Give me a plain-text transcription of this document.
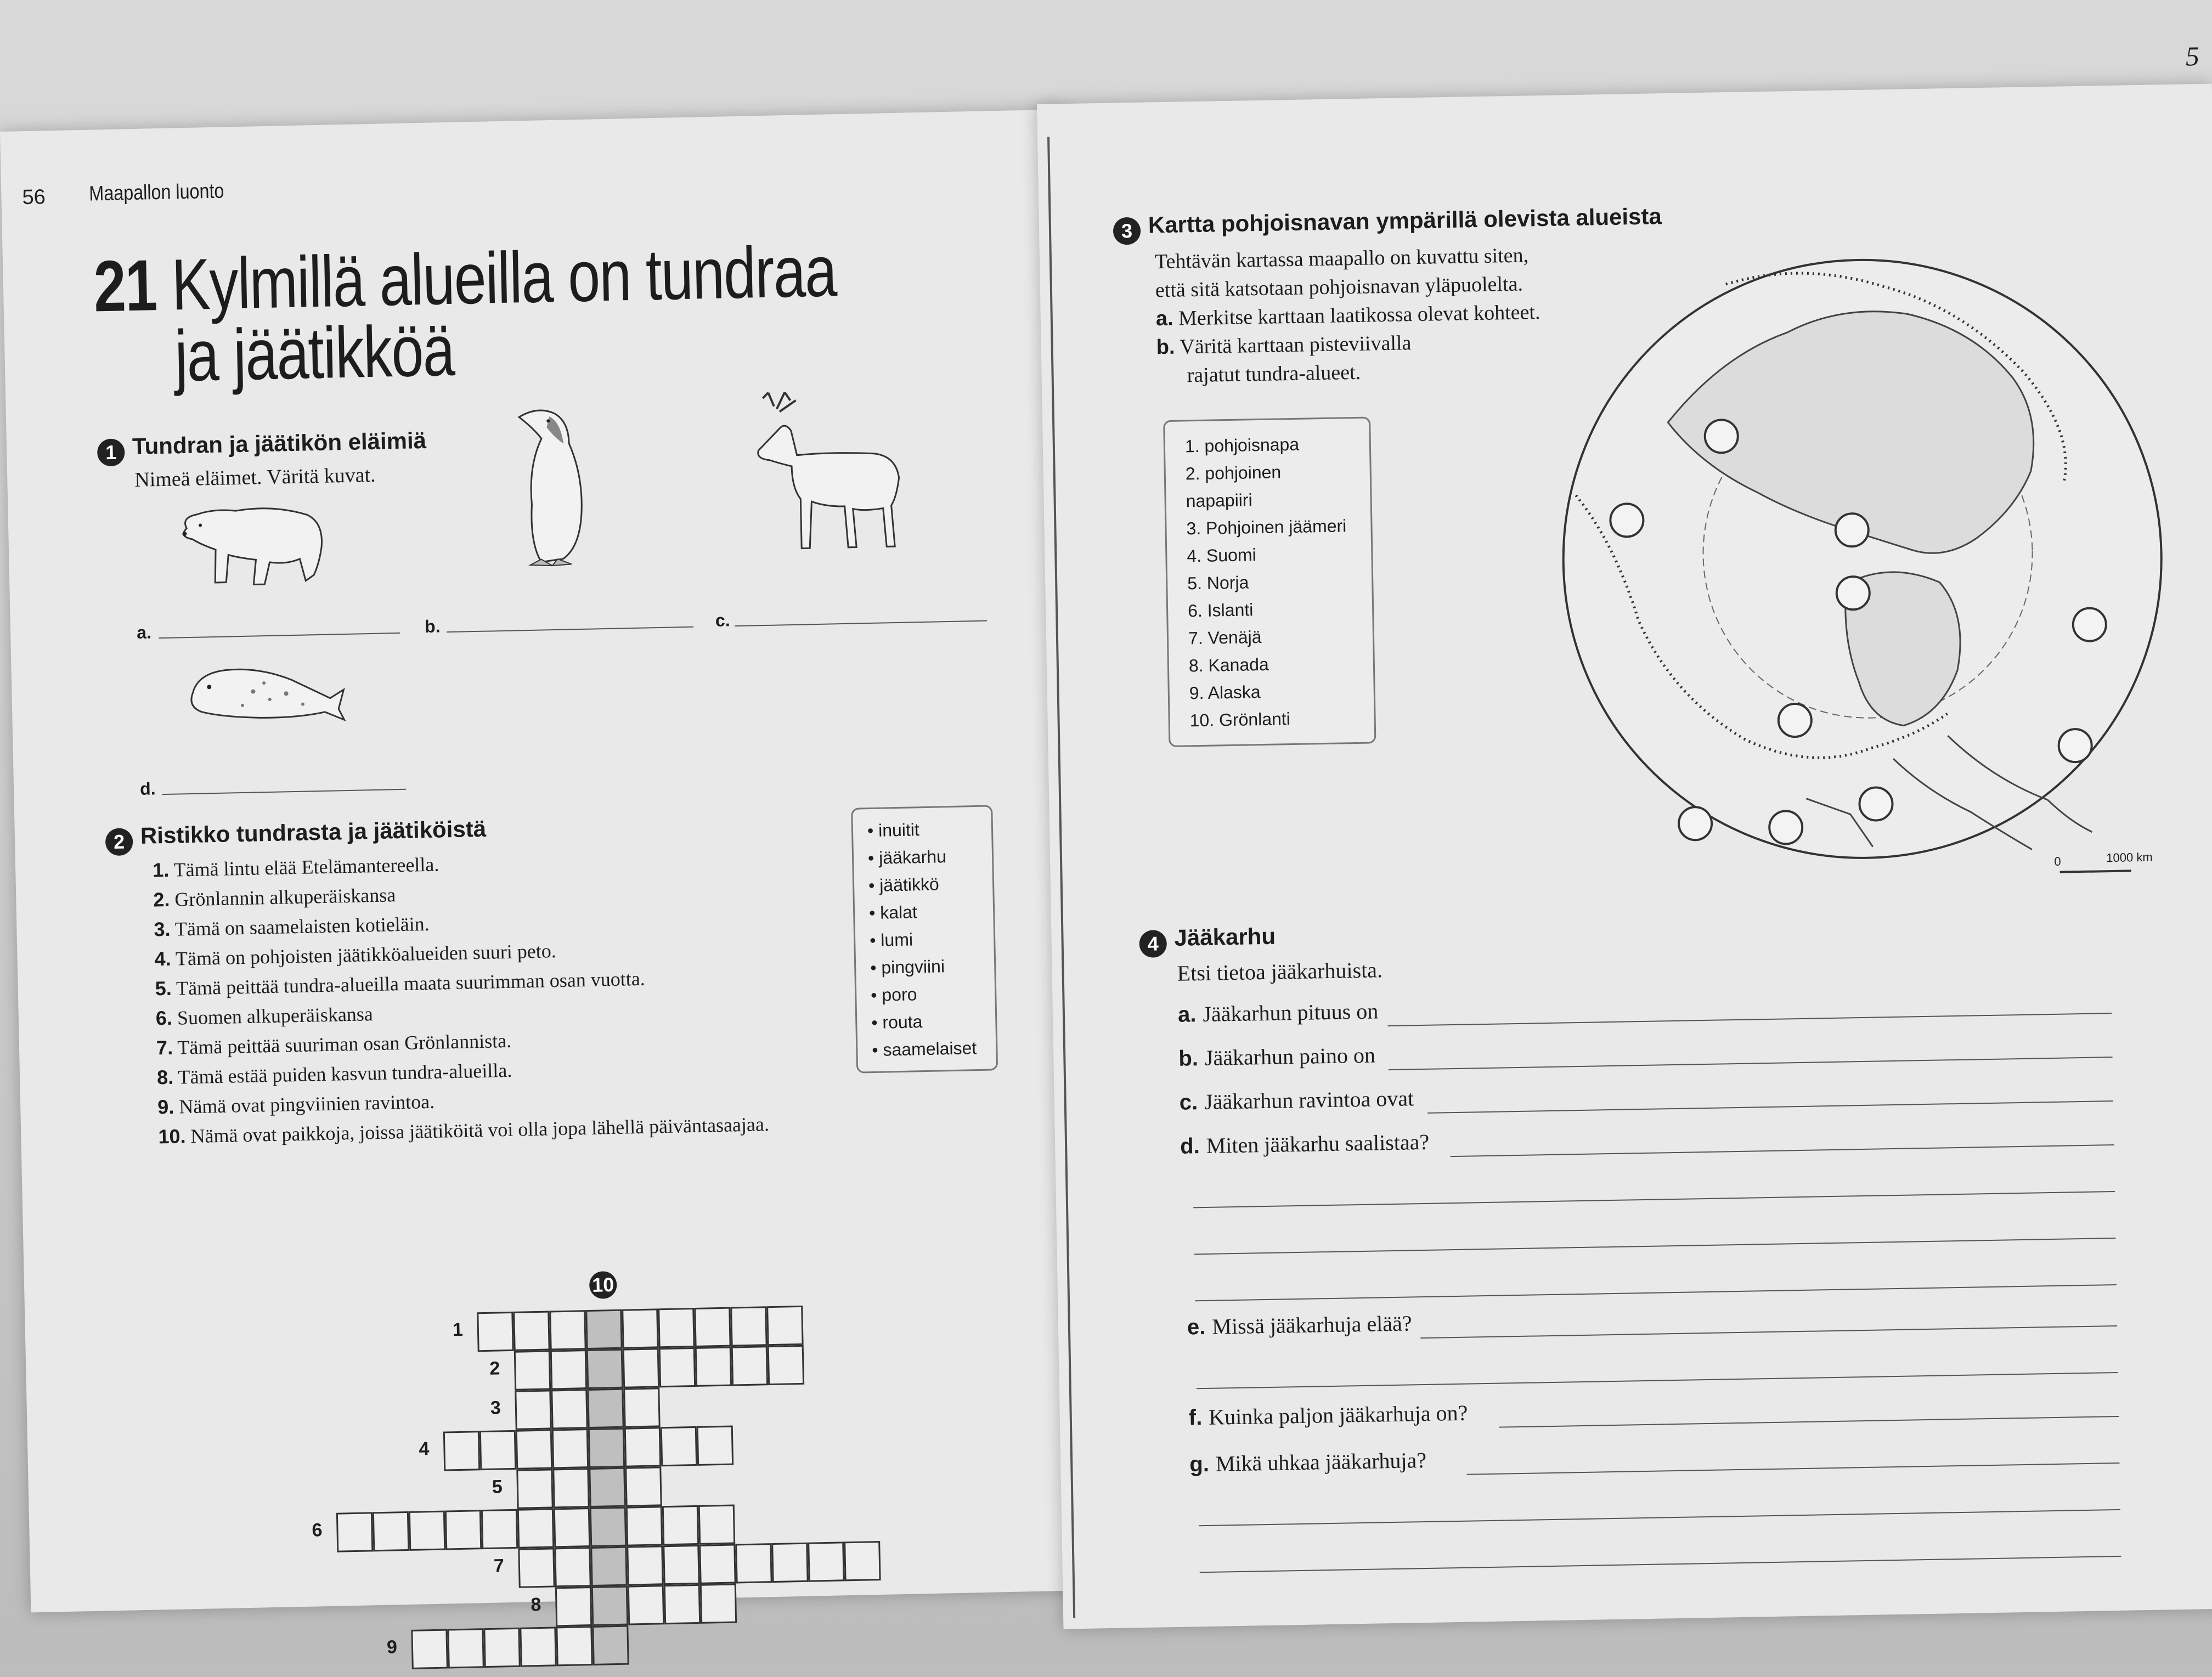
56 Maapallon luonto
21 Kylmillä alueilla on tundraa
ja jäätikköä
1 Tundran ja jäätikön eläimiä
Nimeä eläimet. Väritä kuvat.
a.	b.	c.
d.
2 Ristikko tundrasta ja jäätiköistä
1. Tämä lintu elää Etelämantereella.
2. Grönlannin alkuperäiskansa
3. Tämä on saamelaisten kotieläin.
4. Tämä on pohjoisten jäätikköalueiden suuri peto.
5. Tämä peittää tundra-alueilla maata suurimman osan vuotta.
6. Suomen alkuperäiskansa
7. Tämä peittää suuriman osan Grönlannista.
8. Tämä estää puiden kasvun tundra-alueilla.
9. Nämä ovat pingviinien ravintoa.
10. Nämä ovat paikkoja, joissa jäätiköitä voi olla jopa lähellä päiväntasaajaa.
• inuitit
• jääkarhu
• jäätikkö
• kalat
• lumi
• pingviini
• poro
• routa
• saamelaiset
1
2
3
4
5
6
7
8
9
10
5
3 Kartta pohjoisnavan ympärillä olevista alueista
Tehtävän kartassa maapallo on kuvattu siten,
että sitä katsotaan pohjoisnavan yläpuolelta.
a. Merkitse karttaan laatikossa olevat kohteet.
b. Väritä karttaan pisteviivalla
rajatut tundra-alueet.
1. pohjoisnapa
2. pohjoinen napapiiri
3. Pohjoinen jäämeri
4. Suomi
5. Norja
6. Islanti
7. Venäjä
8. Kanada
9. Alaska
10. Grönlanti
0	1000 km
4 Jääkarhu
Etsi tietoa jääkarhuista.
a. Jääkarhun pituus on
b. Jääkarhun paino on
c. Jääkarhun ravintoa ovat
d. Miten jääkarhu saalistaa?
e. Missä jääkarhuja elää?
f. Kuinka paljon jääkarhuja on?
g. Mikä uhkaa jääkarhuja?
